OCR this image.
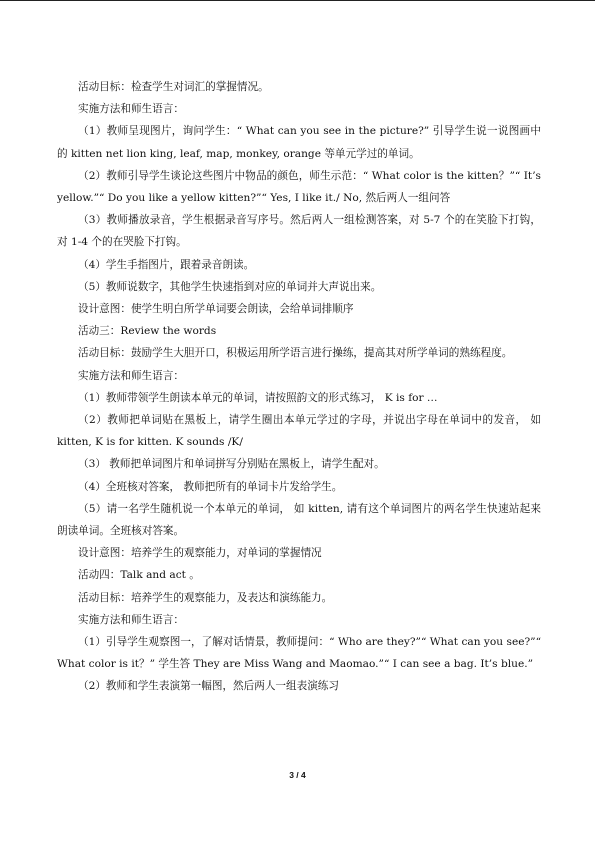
活动目标：检查学生对词汇的掌握情况。

实施方法和师生语言：

（1）教师呈现图片，询问学生：“ What can you see in the picture?” 引导学生说一说图画中的 kitten net lion king, leaf, map, monkey, orange 等单元学过的单词。

（2）教师引导学生谈论这些图片中物品的颜色，师生示范：“ What color is the kitten？”“ It’s yellow.”“ Do you like a yellow kitten?”“ Yes, I like it./ No, 然后两人一组问答

（3）教师播放录音，学生根据录音写序号。然后两人一组检测答案，对 5-7 个的在笑脸下打钩，对 1-4 个的在哭脸下打钩。

（4）学生手指图片，跟着录音朗读。

（5）教师说数字，其他学生快速指到对应的单词并大声说出来。

设计意图：使学生明白所学单词要会朗读，会给单词排顺序

活动三：Review the words

活动目标：鼓励学生大胆开口，积极运用所学语言进行操练，提高其对所学单词的熟练程度。

实施方法和师生语言：

（1）教师带领学生朗读本单元的单词，请按照韵文的形式练习， K is for …

（2）教师把单词贴在黑板上，请学生圈出本单元学过的字母，并说出字母在单词中的发音， 如 kitten, K is for kitten. K sounds /K/

（3） 教师把单词图片和单词拼写分别贴在黑板上，请学生配对。

（4）全班核对答案， 教师把所有的单词卡片发给学生。

（5）请一名学生随机说一个本单元的单词， 如 kitten, 请有这个单词图片的两名学生快速站起来朗读单词。全班核对答案。

设计意图：培养学生的观察能力，对单词的掌握情况

活动四：Talk and act 。

活动目标：培养学生的观察能力，及表达和演练能力。

实施方法和师生语言：

（1）引导学生观察图一，了解对话情景，教师提问：“ Who are they?”“ What can you see?”“ What color is it？” 学生答 They are Miss Wang and Maomao.”“ I can see a bag. It’s blue.”

（2）教师和学生表演第一幅图，然后两人一组表演练习

3 / 4
